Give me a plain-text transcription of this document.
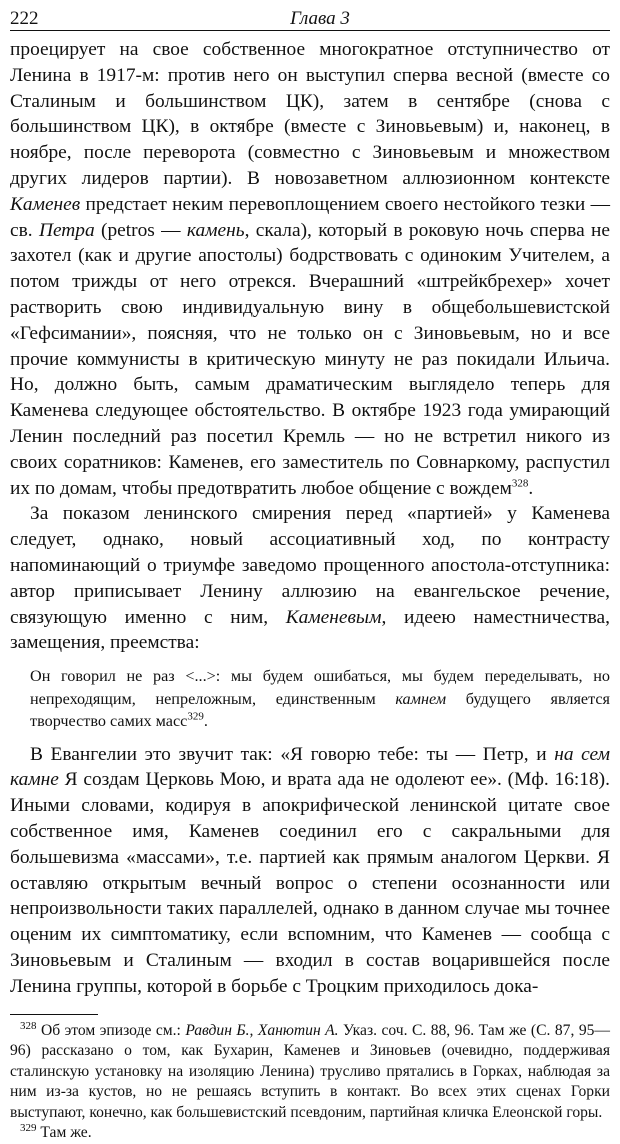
222	Глава 3

проецирует на свое собственное многократное отступничество от Ленина в 1917-м: против него он выступил сперва весной (вместе со Сталиным и большинством ЦК), затем в сентябре (снова с большинством ЦК), в октябре (вместе с Зиновьевым) и, наконец, в ноябре, после переворота (совместно с Зиновьевым и множеством других лидеров партии). В новозаветном аллюзионном контексте Каменев предстает неким перевоплощением своего нестойкого тезки — св. Петра (petros — камень, скала), который в роковую ночь сперва не захотел (как и другие апостолы) бодрствовать с одиноким Учителем, а потом трижды от него отрекся. Вчерашний «штрейкбрехер» хочет растворить свою индивидуальную вину в общебольшевистской «Гефсимании», поясняя, что не только он с Зиновьевым, но и все прочие коммунисты в критическую минуту не раз покидали Ильича. Но, должно быть, самым драматическим выглядело теперь для Каменева следующее обстоятельство. В октябре 1923 года умирающий Ленин последний раз посетил Кремль — но не встретил никого из своих соратников: Каменев, его заместитель по Совнаркому, распустил их по домам, чтобы предотвратить любое общение с вождем$^{328}$.

За показом ленинского смирения перед «партией» у Каменева следует, однако, новый ассоциативный ход, по контрасту напоминающий о триумфе заведомо прощенного апостола-отступника: автор приписывает Ленину аллюзию на евангельское речение, связующую именно с ним, Каменевым, идеею наместничества, замещения, преемства:

Он говорил не раз <...>: мы будем ошибаться, мы будем переделывать, но непреходящим, непреложным, единственным камнем будущего является творчество самих масс$^{329}$.

В Евангелии это звучит так: «Я говорю тебе: ты — Петр, и на сем камне Я создам Церковь Мою, и врата ада не одолеют ее». (Мф. 16:18). Иными словами, кодируя в апокрифической ленинской цитате свое собственное имя, Каменев соединил его с сакральными для большевизма «массами», т.е. партией как прямым аналогом Церкви. Я оставляю открытым вечный вопрос о степени осознанности или непроизвольности таких параллелей, однако в данном случае мы точнее оценим их симптоматику, если вспомним, что Каменев — сообща с Зиновьевым и Сталиным — входил в состав воцарившейся после Ленина группы, которой в борьбе с Троцким приходилось дока-

$^{328}$ Об этом эпизоде см.: Равдин Б., Ханютин А. Указ. соч. С. 88, 96. Там же (С. 87, 95—96) рассказано о том, как Бухарин, Каменев и Зиновьев (очевидно, поддерживая сталинскую установку на изоляцию Ленина) трусливо прятались в Горках, наблюдая за ним из-за кустов, но не решаясь вступить в контакт. Во всех этих сценах Горки выступают, конечно, как большевистский псевдоним, партийная кличка Елеонской горы.

$^{329}$ Там же.
